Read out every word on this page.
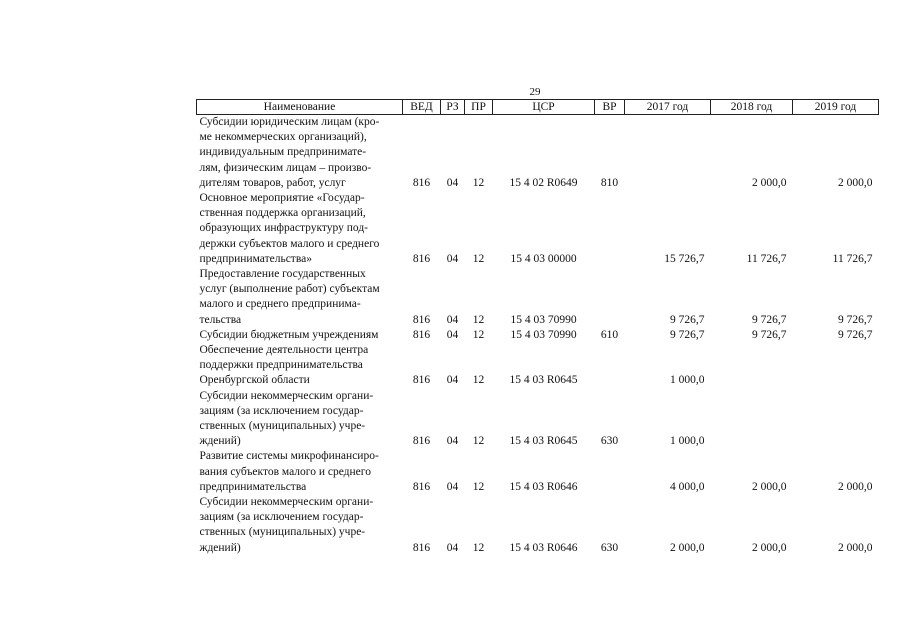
29
Наименование	ВЕД	РЗ	ПР	ЦСР	ВР	2017 год	2018 год	2019 год
Субсидии юридическим лицам (кро-
ме некоммерческих организаций),
индивидуальным предпринимате-
лям, физическим лицам – произво-
дителям товаров, работ, услуг	816	04	12	15 4 02 R0649	810		2 000,0	2 000,0
Основное мероприятие «Государ-
ственная поддержка организаций,
образующих инфраструктуру под-
держки субъектов малого и среднего
предпринимательства»	816	04	12	15 4 03 00000		15 726,7	11 726,7	11 726,7
Предоставление государственных
услуг (выполнение работ) субъектам
малого и среднего предпринима-
тельства	816	04	12	15 4 03 70990		9 726,7	9 726,7	9 726,7
Субсидии бюджетным учреждениям	816	04	12	15 4 03 70990	610	9 726,7	9 726,7	9 726,7
Обеспечение деятельности центра
поддержки предпринимательства
Оренбургской области	816	04	12	15 4 03 R0645		1 000,0		
Субсидии некоммерческим органи-
зациям (за исключением государ-
ственных (муниципальных) учре-
ждений)	816	04	12	15 4 03 R0645	630	1 000,0		
Развитие системы микрофинансиро-
вания субъектов малого и среднего
предпринимательства	816	04	12	15 4 03 R0646		4 000,0	2 000,0	2 000,0
Субсидии некоммерческим органи-
зациям (за исключением государ-
ственных (муниципальных) учре-
ждений)	816	04	12	15 4 03 R0646	630	2 000,0	2 000,0	2 000,0
